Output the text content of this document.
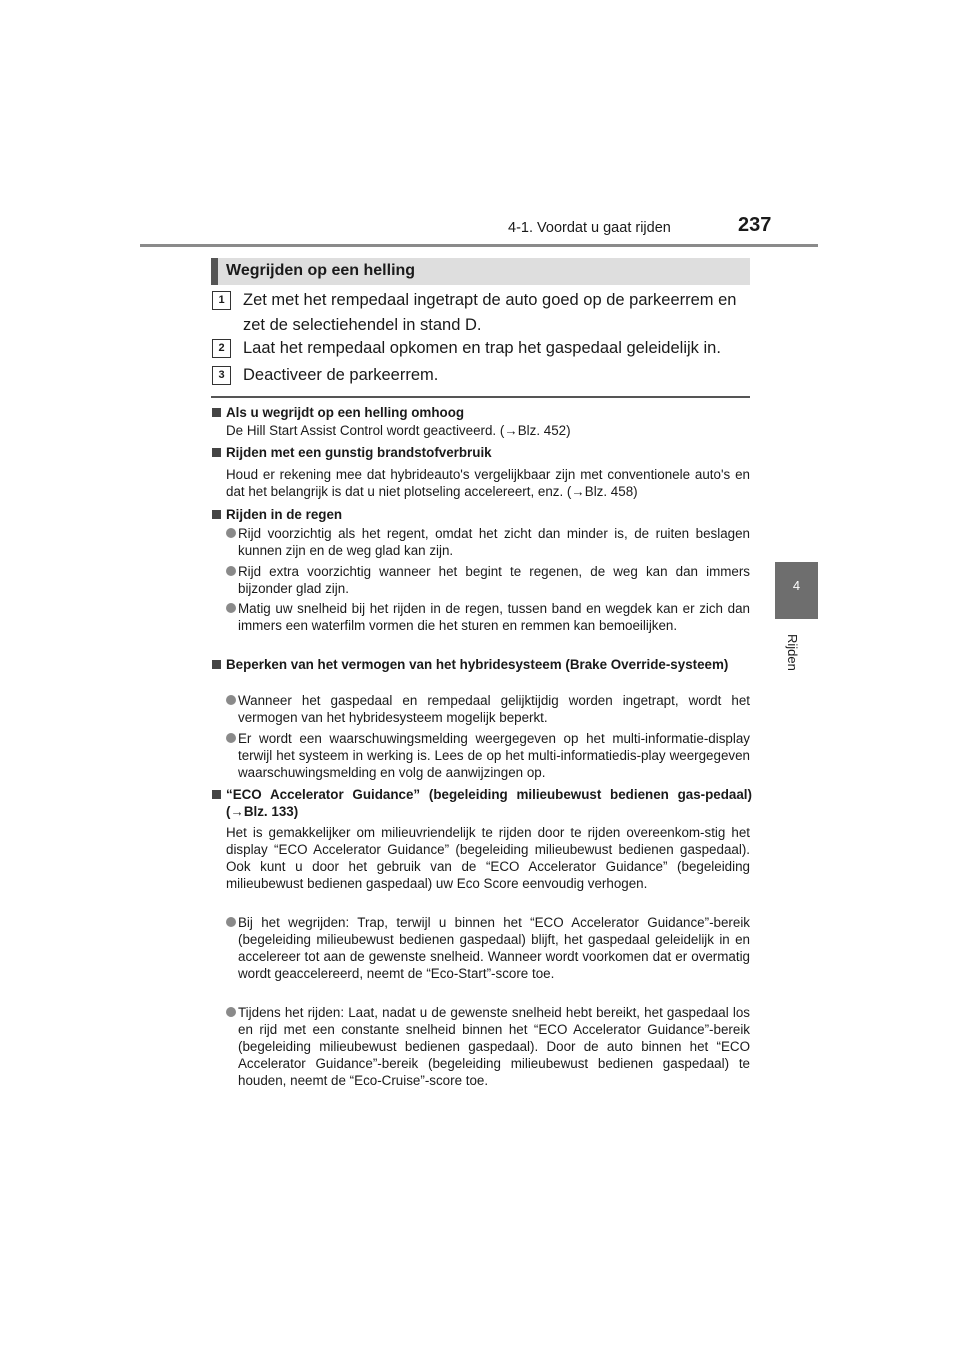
4-1. Voordat u gaat rijden	237
4
Rijden
Wegrijden op een helling
1	Zet met het rempedaal ingetrapt de auto goed op de parkeerrem en zet de selectiehendel in stand D.
2	Laat het rempedaal opkomen en trap het gaspedaal geleidelijk in.
3	Deactiveer de parkeerrem.
Als u wegrijdt op een helling omhoog
De Hill Start Assist Control wordt geactiveerd. (→Blz. 452)
Rijden met een gunstig brandstofverbruik
Houd er rekening mee dat hybrideauto's vergelijkbaar zijn met conventionele auto's en dat het belangrijk is dat u niet plotseling accelereert, enz. (→Blz. 458)
Rijden in de regen
Rijd voorzichtig als het regent, omdat het zicht dan minder is, de ruiten beslagen kunnen zijn en de weg glad kan zijn.
Rijd extra voorzichtig wanneer het begint te regenen, de weg kan dan immers bijzonder glad zijn.
Matig uw snelheid bij het rijden in de regen, tussen band en wegdek kan er zich dan immers een waterfilm vormen die het sturen en remmen kan bemoeilijken.
Beperken van het vermogen van het hybridesysteem (Brake Override-systeem)
Wanneer het gaspedaal en rempedaal gelijktijdig worden ingetrapt, wordt het vermogen van het hybridesysteem mogelijk beperkt.
Er wordt een waarschuwingsmelding weergegeven op het multi-informatie-display terwijl het systeem in werking is. Lees de op het multi-informatiedis-play weergegeven waarschuwingsmelding en volg de aanwijzingen op.
“ECO Accelerator Guidance” (begeleiding milieubewust bedienen gas-pedaal) (→Blz. 133)
Het is gemakkelijker om milieuvriendelijk te rijden door te rijden overeenkom-stig het display “ECO Accelerator Guidance” (begeleiding milieubewust bedienen gaspedaal). Ook kunt u door het gebruik van de “ECO Accelerator Guidance” (begeleiding milieubewust bedienen gaspedaal) uw Eco Score eenvoudig verhogen.
Bij het wegrijden: Trap, terwijl u binnen het “ECO Accelerator Guidance”-bereik (begeleiding milieubewust bedienen gaspedaal) blijft, het gaspedaal geleidelijk in en accelereer tot aan de gewenste snelheid. Wanneer wordt voorkomen dat er overmatig wordt geaccelereerd, neemt de “Eco-Start”-score toe.
Tijdens het rijden: Laat, nadat u de gewenste snelheid hebt bereikt, het gaspedaal los en rijd met een constante snelheid binnen het “ECO Accelerator Guidance”-bereik (begeleiding milieubewust bedienen gaspedaal). Door de auto binnen het “ECO Accelerator Guidance”-bereik (begeleiding milieubewust bedienen gaspedaal) te houden, neemt de “Eco-Cruise”-score toe.
